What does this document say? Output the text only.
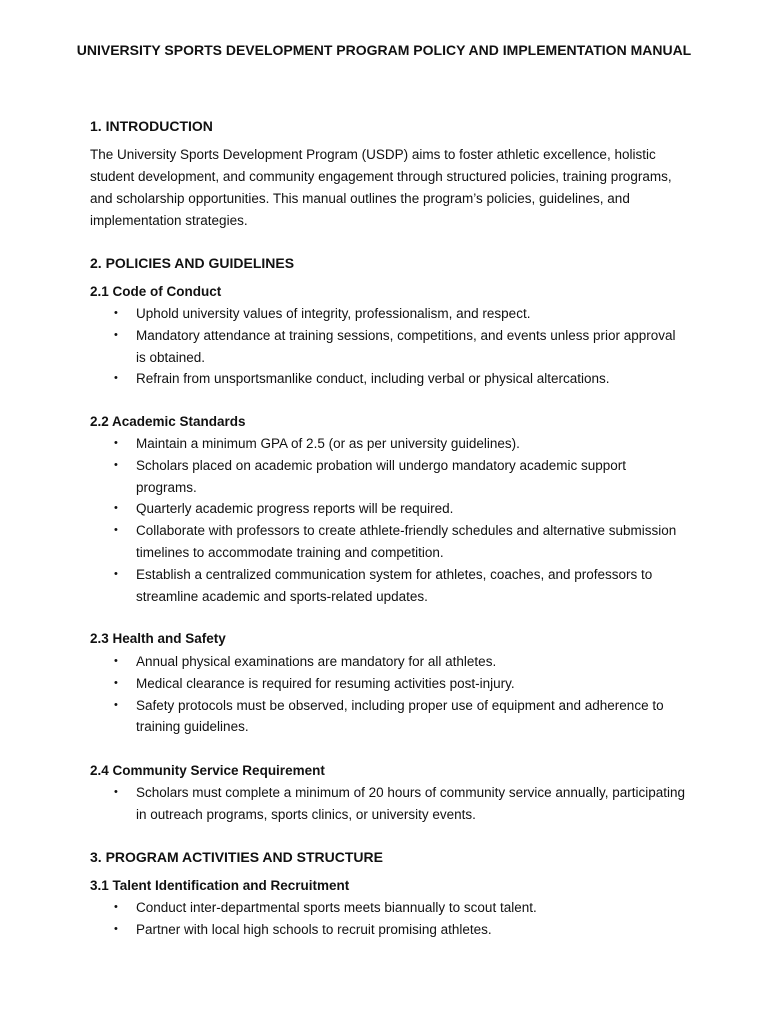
UNIVERSITY SPORTS DEVELOPMENT PROGRAM POLICY AND IMPLEMENTATION MANUAL
1. INTRODUCTION
The University Sports Development Program (USDP) aims to foster athletic excellence, holistic student development, and community engagement through structured policies, training programs, and scholarship opportunities. This manual outlines the program’s policies, guidelines, and implementation strategies.
2. POLICIES AND GUIDELINES
2.1 Code of Conduct
• Uphold university values of integrity, professionalism, and respect.
• Mandatory attendance at training sessions, competitions, and events unless prior approval is obtained.
• Refrain from unsportsmanlike conduct, including verbal or physical altercations.
2.2 Academic Standards
• Maintain a minimum GPA of 2.5 (or as per university guidelines).
• Scholars placed on academic probation will undergo mandatory academic support programs.
• Quarterly academic progress reports will be required.
• Collaborate with professors to create athlete-friendly schedules and alternative submission timelines to accommodate training and competition.
• Establish a centralized communication system for athletes, coaches, and professors to streamline academic and sports-related updates.
2.3 Health and Safety
• Annual physical examinations are mandatory for all athletes.
• Medical clearance is required for resuming activities post-injury.
• Safety protocols must be observed, including proper use of equipment and adherence to training guidelines.
2.4 Community Service Requirement
• Scholars must complete a minimum of 20 hours of community service annually, participating in outreach programs, sports clinics, or university events.
3. PROGRAM ACTIVITIES AND STRUCTURE
3.1 Talent Identification and Recruitment
• Conduct inter-departmental sports meets biannually to scout talent.
• Partner with local high schools to recruit promising athletes.
